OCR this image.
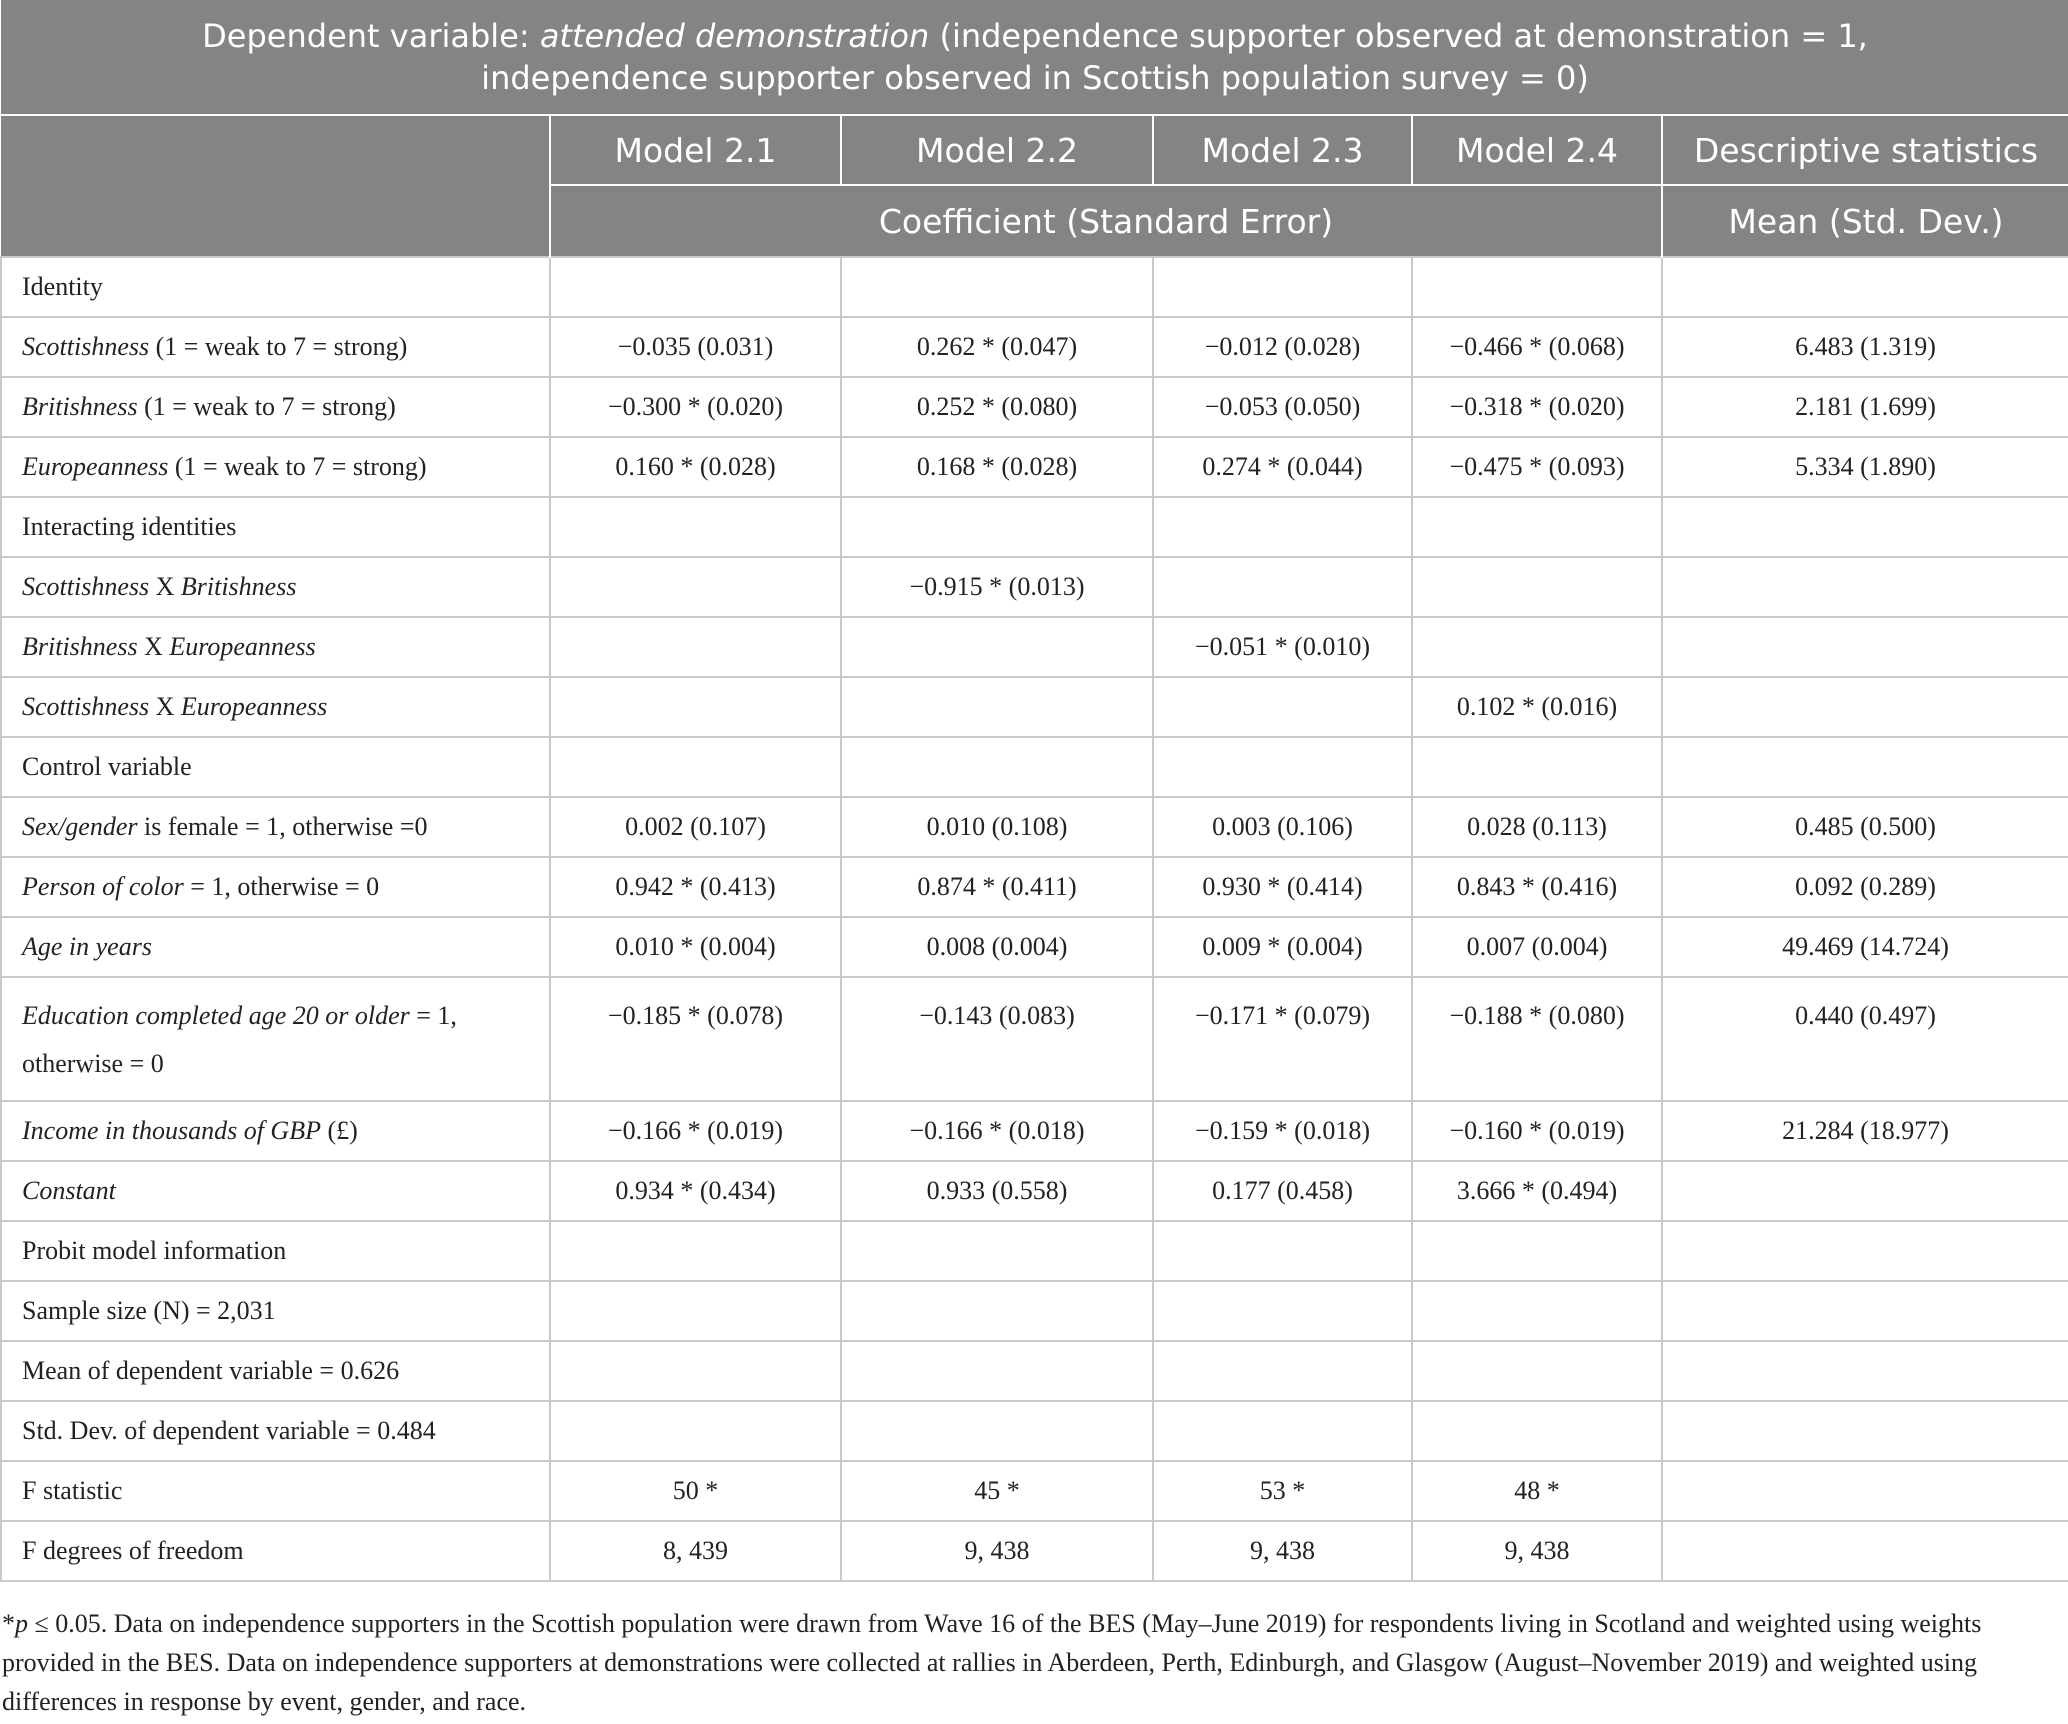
Dependent variable: attended demonstration (independence supporter observed at demonstration = 1,
independence supporter observed in Scottish population survey = 0)					
	Model 2.1	Model 2.2	Model 2.3	Model 2.4	Descriptive statistics
	Coefficient (Standard Error)				Mean (Std. Dev.)
Identity					
Scottishness (1 = weak to 7 = strong)	−0.035 (0.031)	0.262 * (0.047)	−0.012 (0.028)	−0.466 * (0.068)	6.483 (1.319)
Britishness (1 = weak to 7 = strong)	−0.300 * (0.020)	0.252 * (0.080)	−0.053 (0.050)	−0.318 * (0.020)	2.181 (1.699)
Europeanness (1 = weak to 7 = strong)	0.160 * (0.028)	0.168 * (0.028)	0.274 * (0.044)	−0.475 * (0.093)	5.334 (1.890)
Interacting identities					
Scottishness X Britishness		−0.915 * (0.013)			
Britishness X Europeanness			−0.051 * (0.010)		
Scottishness X Europeanness				0.102 * (0.016)	
Control variable					
Sex/gender is female = 1, otherwise =0	0.002 (0.107)	0.010 (0.108)	0.003 (0.106)	0.028 (0.113)	0.485 (0.500)
Person of color = 1, otherwise = 0	0.942 * (0.413)	0.874 * (0.411)	0.930 * (0.414)	0.843 * (0.416)	0.092 (0.289)
Age in years	0.010 * (0.004)	0.008 (0.004)	0.009 * (0.004)	0.007 (0.004)	49.469 (14.724)
Education completed age 20 or older = 1,
otherwise = 0	−0.185 * (0.078)	−0.143 (0.083)	−0.171 * (0.079)	−0.188 * (0.080)	0.440 (0.497)
Income in thousands of GBP (£)	−0.166 * (0.019)	−0.166 * (0.018)	−0.159 * (0.018)	−0.160 * (0.019)	21.284 (18.977)
Constant	0.934 * (0.434)	0.933 (0.558)	0.177 (0.458)	3.666 * (0.494)	
Probit model information					
Sample size (N) = 2,031					
Mean of dependent variable = 0.626					
Std. Dev. of dependent variable = 0.484					
F statistic	50 *	45 *	53 *	48 *	
F degrees of freedom	8, 439	9, 438	9, 438	9, 438	
*p ≤ 0.05. Data on independence supporters in the Scottish population were drawn from Wave 16 of the BES (May–June 2019) for respondents living in Scotland and weighted using weights
provided in the BES. Data on independence supporters at demonstrations were collected at rallies in Aberdeen, Perth, Edinburgh, and Glasgow (August–November 2019) and weighted using
differences in response by event, gender, and race.
